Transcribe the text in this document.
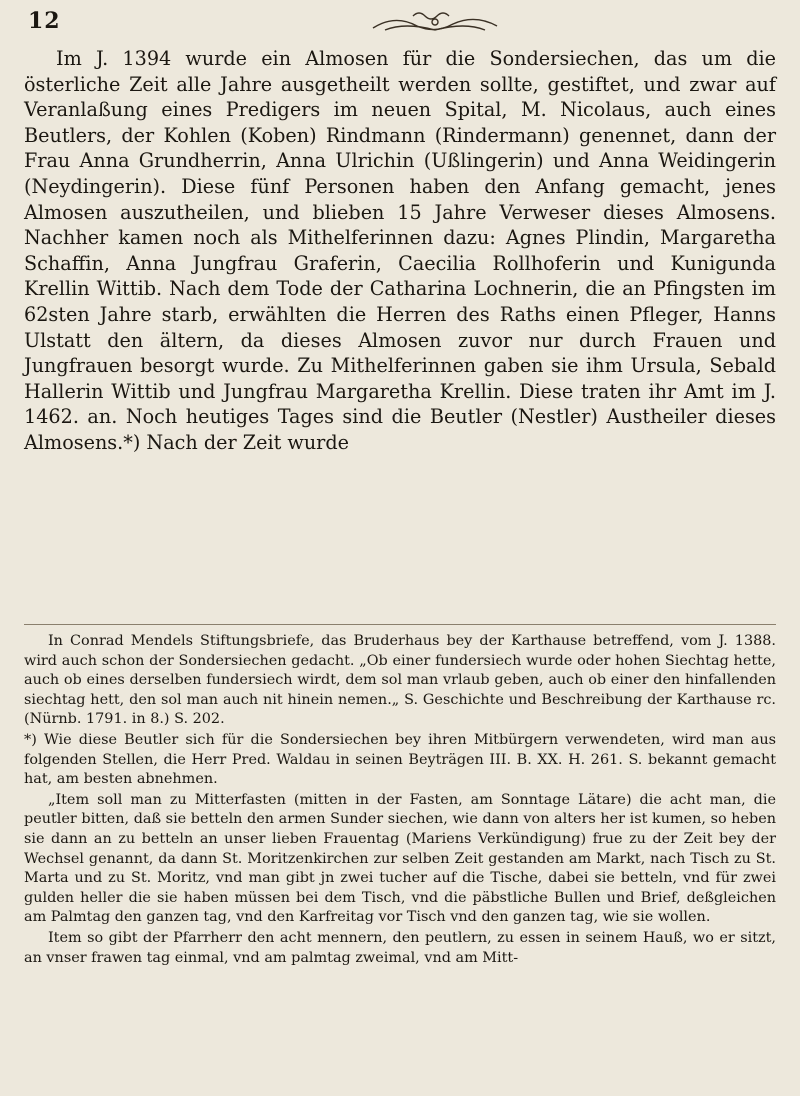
12

Im J. 1394 wurde ein Almosen für die Sondersiechen, das um die österliche Zeit alle Jahre ausgetheilt werden sollte, gestiftet, und zwar auf Veranlaßung eines Predigers im neuen Spital, M. Nicolaus, auch eines Beutlers, der Kohlen (Koben) Rindmann (Rindermann) genennet, dann der Frau Anna Grundherrin, Anna Ulrichin (Ußlingerin) und Anna Weidingerin (Neydingerin). Diese fünf Personen haben den Anfang gemacht, jenes Almosen auszutheilen, und blieben 15 Jahre Verweser dieses Almosens. Nachher kamen noch als Mithelferinnen dazu: Agnes Plindin, Margaretha Schaffin, Anna Jungfrau Graferin, Caecilia Rollhoferin und Kunigunda Krellin Wittib. Nach dem Tode der Catharina Lochnerin, die an Pfingsten im 62sten Jahre starb, erwählten die Herren des Raths einen Pfleger, Hanns Ulstatt den ältern, da dieses Almosen zuvor nur durch Frauen und Jungfrauen besorgt wurde. Zu Mithelferinnen gaben sie ihm Ursula, Sebald Hallerin Wittib und Jungfrau Margaretha Krellin. Diese traten ihr Amt im J. 1462. an. Noch heutiges Tages sind die Beutler (Nestler) Austheiler dieses Almosens.*) Nach der Zeit wurde

In Conrad Mendels Stiftungsbriefe, das Bruderhaus bey der Karthause betreffend, vom J. 1388. wird auch schon der Sondersiechen gedacht. „Ob einer fundersiech wurde oder hohen Siechtag hette, auch ob eines derselben fundersiech wirdt, dem sol man vrlaub geben, auch ob einer den hinfallenden siechtag hett, den sol man auch nit hinein nemen.„ S. Geschichte und Beschreibung der Karthause rc. (Nürnb. 1791. in 8.) S. 202.

*) Wie diese Beutler sich für die Sondersiechen bey ihren Mitbürgern verwendeten, wird man aus folgenden Stellen, die Herr Pred. Waldau in seinen Beyträgen III. B. XX. H. 261. S. bekannt gemacht hat, am besten abnehmen.

„Item soll man zu Mitterfasten (mitten in der Fasten, am Sonntage Lätare) die acht man, die peutler bitten, daß sie betteln den armen Sunder siechen, wie dann von alters her ist kumen, so heben sie dann an zu betteln an unser lieben Frauentag (Mariens Verkündigung) frue zu der Zeit bey der Wechsel genannt, da dann St. Moritzenkirchen zur selben Zeit gestanden am Markt, nach Tisch zu St. Marta und zu St. Moritz, vnd man gibt jn zwei tucher auf die Tische, dabei sie betteln, vnd für zwei gulden heller die sie haben müssen bei dem Tisch, vnd die päbstliche Bullen und Brief, deßgleichen am Palmtag den ganzen tag, vnd den Karfreitag vor Tisch vnd den ganzen tag, wie sie wollen.

Item so gibt der Pfarrherr den acht mennern, den peutlern, zu essen in seinem Hauß, wo er sitzt, an vnser frawen tag einmal, vnd am palmtag zweimal, vnd am Mitt-
